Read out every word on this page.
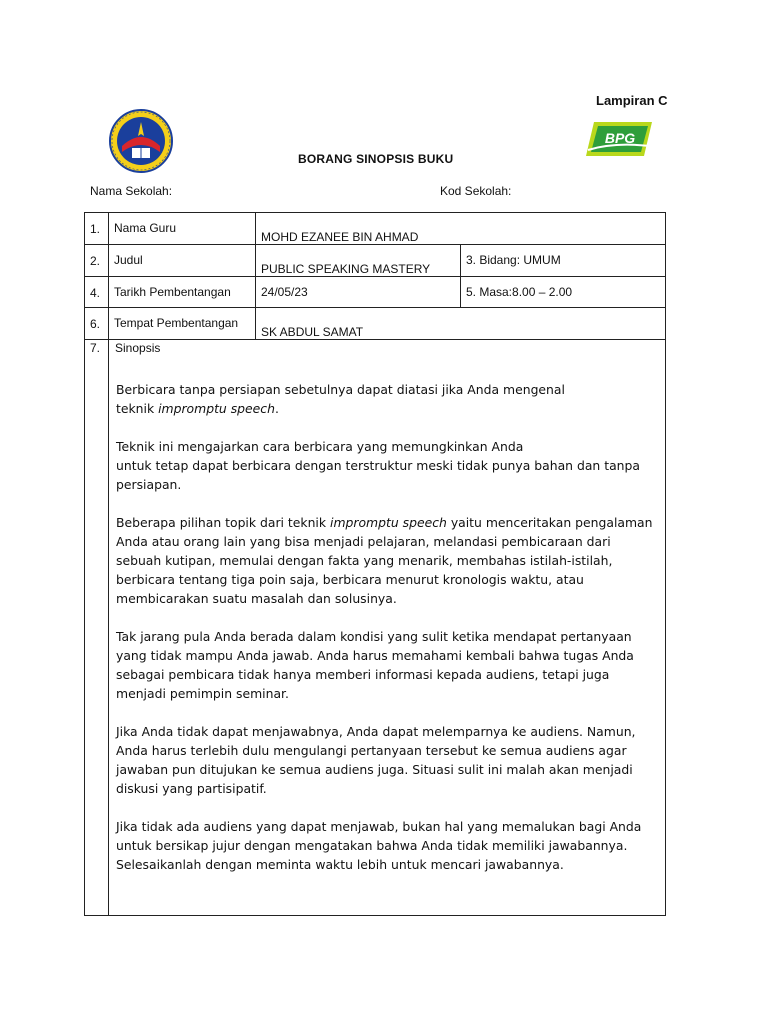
Lampiran C
BPG
BORANG SINOPSIS BUKU
Nama Sekolah:	Kod Sekolah:
1.	Nama Guru	MOHD EZANEE BIN AHMAD	
2.	Judul	PUBLIC SPEAKING MASTERY	3. Bidang: UMUM
4.	Tarikh Pembentangan	24/05/23	5. Masa:8.00 – 2.00
6.	Tempat Pembentangan	SK ABDUL SAMAT	
7.	Sinopsis		

Berbicara tanpa persiapan sebetulnya dapat diatasi jika Anda mengenal
teknik impromptu speech.

Teknik ini mengajarkan cara berbicara yang memungkinkan Anda
untuk tetap dapat berbicara dengan terstruktur meski tidak punya bahan dan tanpa persiapan.

Beberapa pilihan topik dari teknik impromptu speech yaitu menceritakan pengalaman Anda atau orang lain yang bisa menjadi pelajaran, melandasi pembicaraan dari sebuah kutipan, memulai dengan fakta yang menarik, membahas istilah-istilah, berbicara tentang tiga poin saja, berbicara menurut kronologis waktu, atau membicarakan suatu masalah dan solusinya.

Tak jarang pula Anda berada dalam kondisi yang sulit ketika mendapat pertanyaan yang tidak mampu Anda jawab. Anda harus memahami kembali bahwa tugas Anda sebagai pembicara tidak hanya memberi informasi kepada audiens, tetapi juga menjadi pemimpin seminar.

Jika Anda tidak dapat menjawabnya, Anda dapat melemparnya ke audiens. Namun, Anda harus terlebih dulu mengulangi pertanyaan tersebut ke semua audiens agar jawaban pun ditujukan ke semua audiens juga. Situasi sulit ini malah akan menjadi diskusi yang partisipatif.

Jika tidak ada audiens yang dapat menjawab, bukan hal yang memalukan bagi Anda untuk bersikap jujur dengan mengatakan bahwa Anda tidak memiliki jawabannya. Selesaikanlah dengan meminta waktu lebih untuk mencari jawabannya.
